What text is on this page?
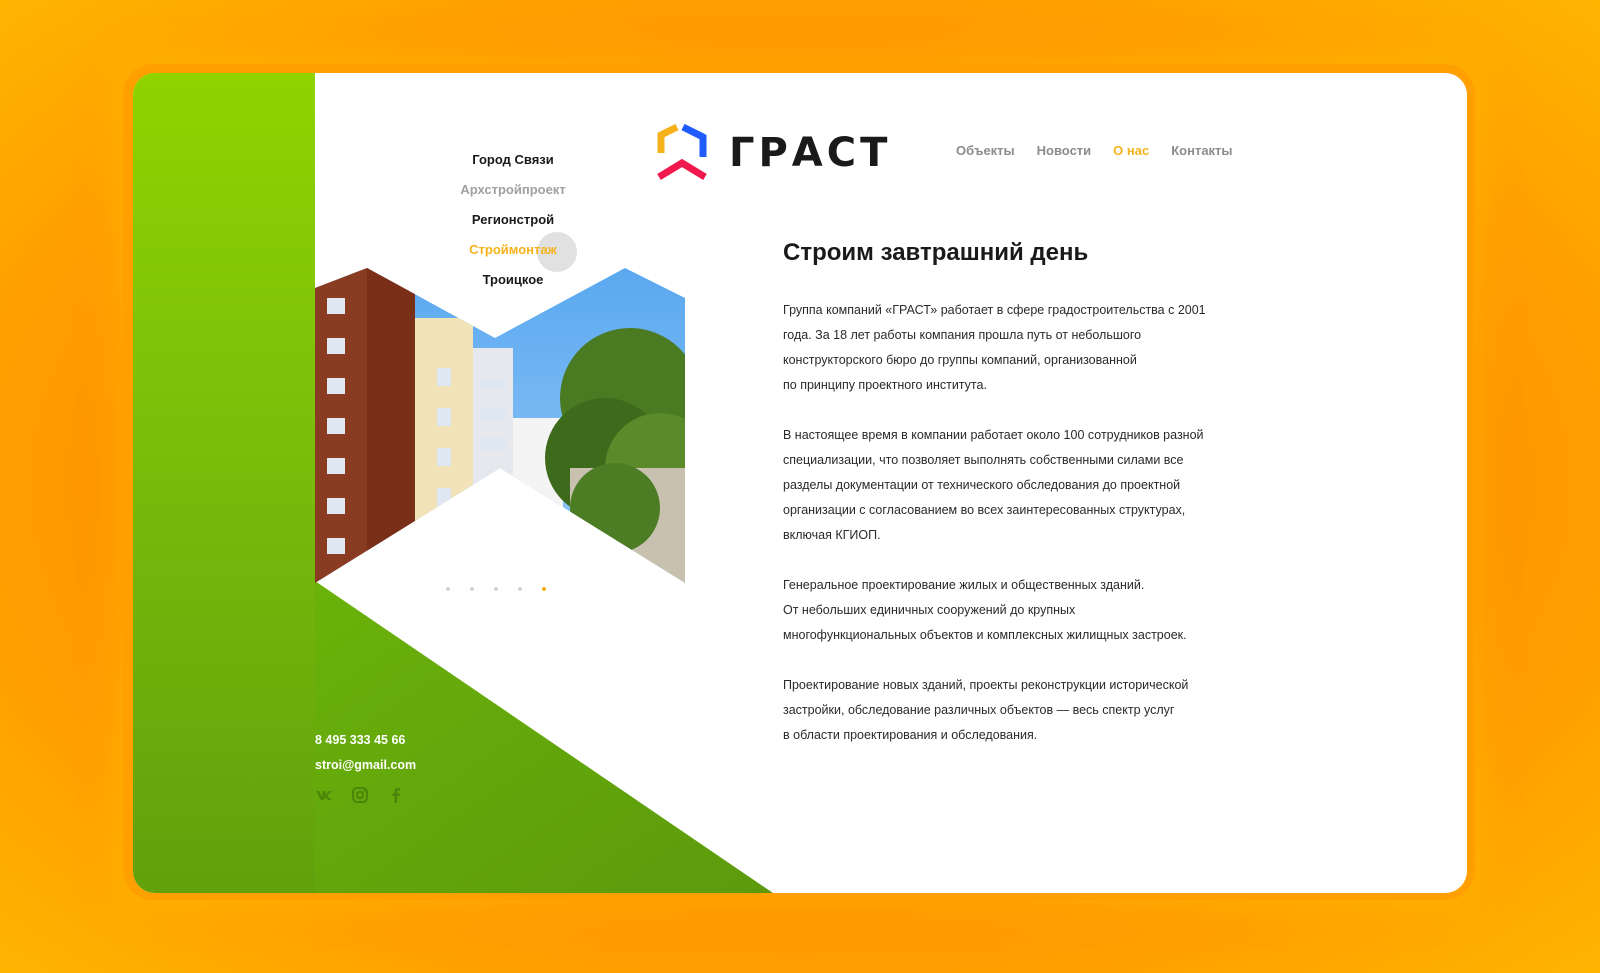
Город Связи
Архстройпроект
Регионстрой
Строймонтаж
Троицкое
ГРАСТ	Объекты Новости О нас Контакты
Строим завтрашний день

Группа компаний «ГРАСТ» работает в сфере градостроительства с 2001
года. За 18 лет работы компания прошла путь от небольшого
конструкторского бюро до группы компаний, организованной
по принципу проектного института.

В настоящее время в компании работает около 100 сотрудников разной
специализации, что позволяет выполнять собственными силами все
разделы документации от технического обследования до проектной
организации с согласованием во всех заинтересованных структурах,
включая КГИОП.

Генеральное проектирование жилых и общественных зданий.
От небольших единичных сооружений до крупных
многофункциональных объектов и комплексных жилищных застроек.

Проектирование новых зданий, проекты реконструкции исторической
застройки, обследование различных объектов — весь спектр услуг
в области проектирования и обследования.

8 495 333 45 66
stroi@gmail.com
